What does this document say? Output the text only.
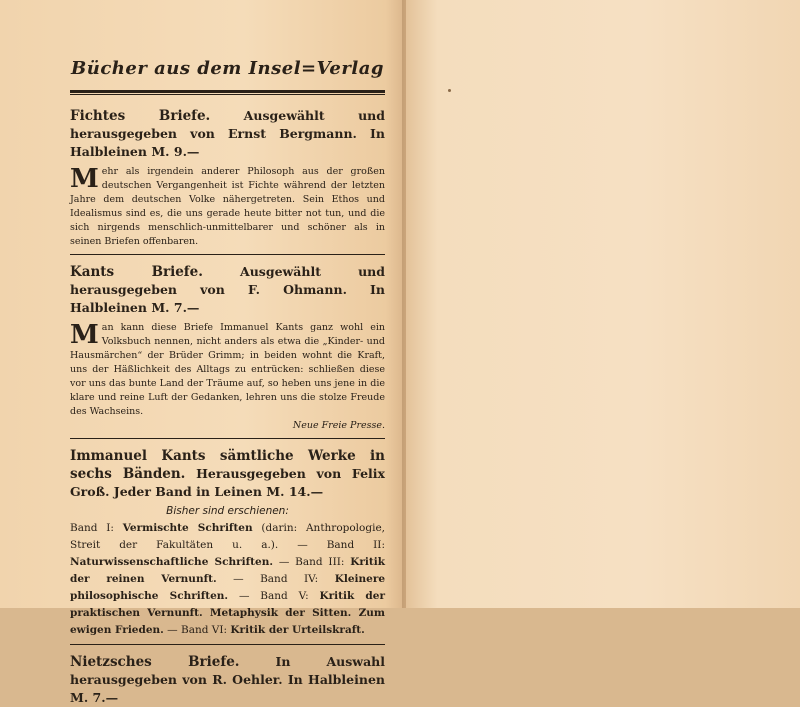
Bücher aus dem Insel=Verlag
Fichtes Briefe.	Ausgewählt und herausgegeben von Ernst Bergmann. In Halbleinen M. 9.—
Mehr als irgendein anderer Philosoph aus der großen deutschen Vergangenheit ist Fichte während der letzten Jahre dem deutschen Volke nähergetreten. Sein Ethos und Idealismus sind es, die uns gerade heute bitter not tun, und die sich nirgends menschlich-unmittelbarer und schöner als in seinen Briefen offenbaren.
Kants Briefe.	Ausgewählt und herausgegeben von F. Ohmann. In Halbleinen M. 7.—
Man kann diese Briefe Immanuel Kants ganz wohl ein Volksbuch nennen, nicht anders als etwa die „Kinder- und Hausmärchen“ der Brüder Grimm; in beiden wohnt die Kraft, uns der Häßlichkeit des Alltags zu entrücken: schließen diese vor uns das bunte Land der Träume auf, so heben uns jene in die klare und reine Luft der Gedanken, lehren uns die stolze Freude des Wachseins.
Neue Freie Presse.
Immanuel Kants sämtliche Werke in sechs Bänden. Herausgegeben von Felix Groß. Jeder Band in Leinen M. 14.—
Bisher sind erschienen:
Band I: Vermischte Schriften (darin: Anthropologie, Streit der Fakultäten u. a.). — Band II: Naturwissenschaftliche Schriften. — Band III: Kritik der reinen Vernunft. — Band IV: Kleinere philosophische Schriften. — Band V: Kritik der praktischen Vernunft. Metaphysik der Sitten. Zum ewigen Frieden. — Band VI: Kritik der Urteilskraft.
Nietzsches Briefe.	In Auswahl herausgegeben von R. Oehler. In Halbleinen M. 7.—
